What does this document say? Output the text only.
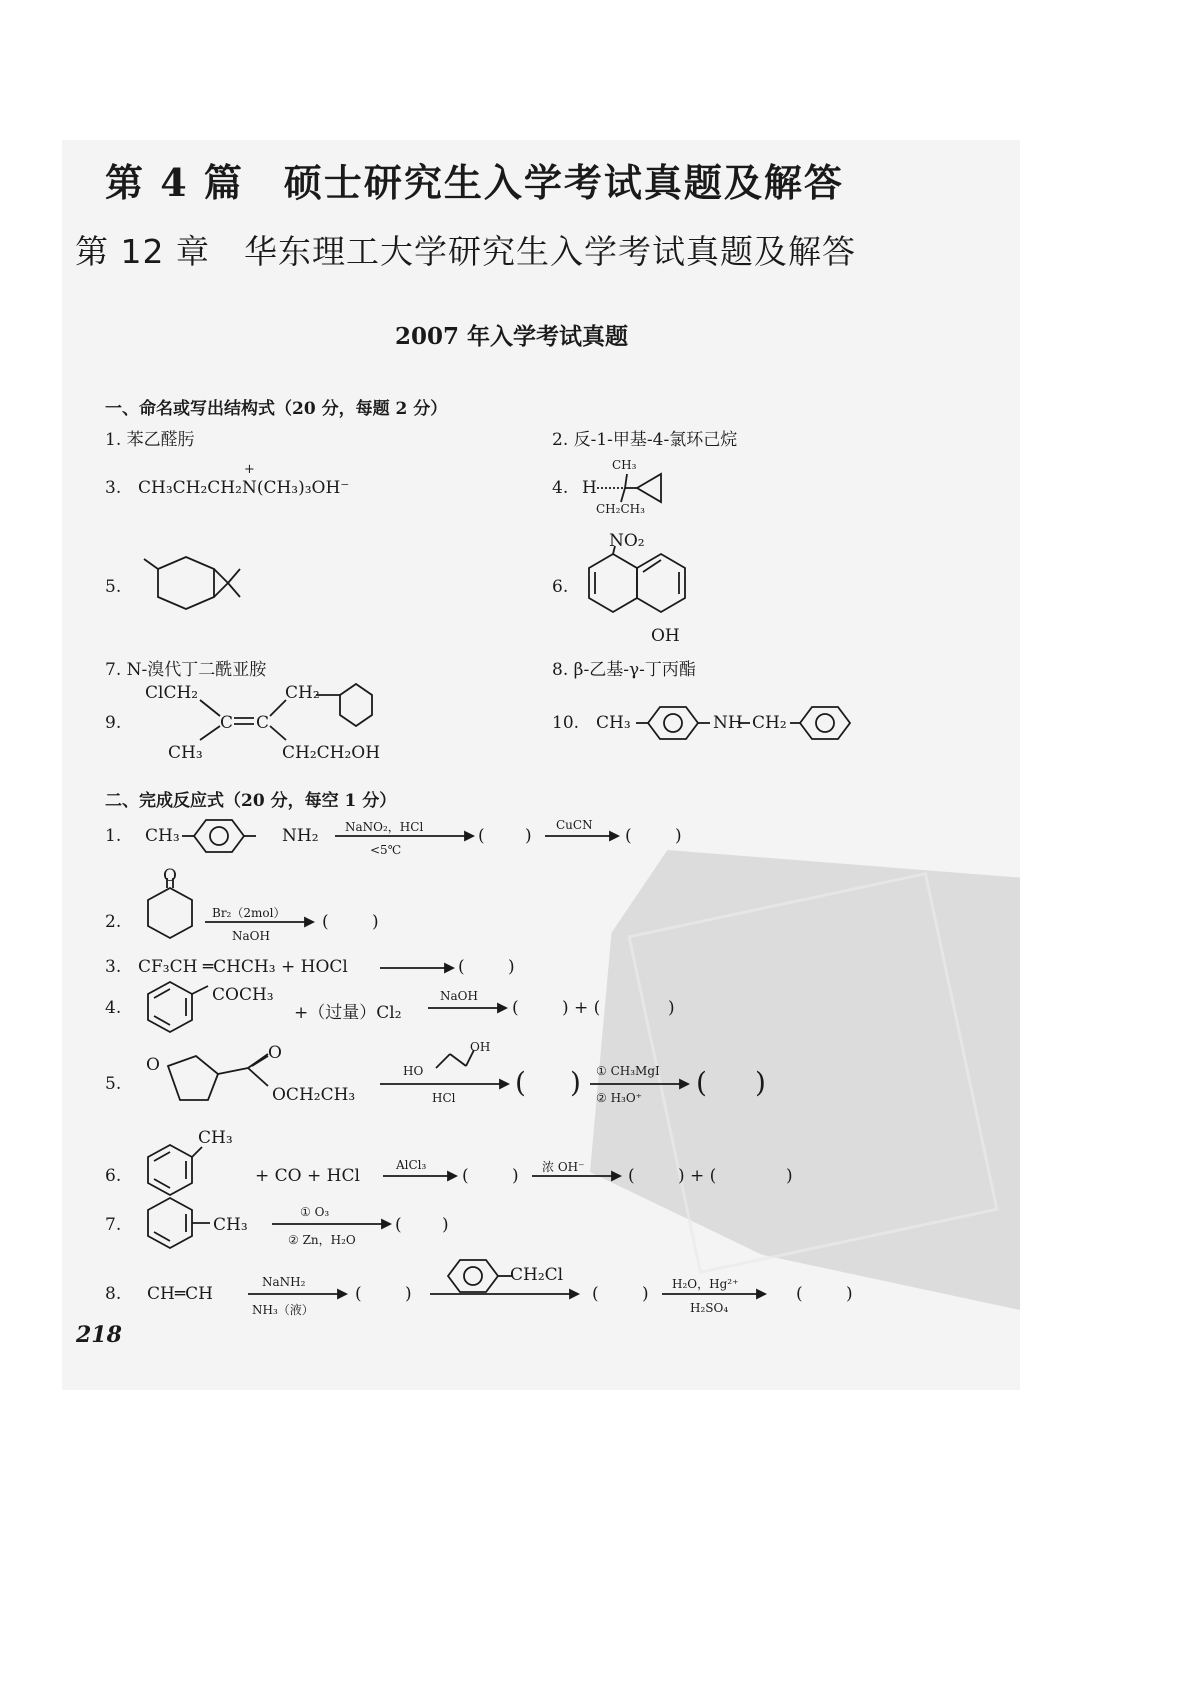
第 4 篇　硕士研究生入学考试真题及解答
第 12 章　华东理工大学研究生入学考试真题及解答
2007 年入学考试真题
一、命名或写出结构式（20 分，每题 2 分）
1. 苯乙醛肟	2. 反-1-甲基-4-氯环己烷
3. CH₃CH₂CH₂
+
N(CH₃)₃OH⁻	4.
CH₃
H
CH₂CH₃
5.	6.
NO₂
OH
7. N-溴代丁二酰亚胺	8. β-乙基-γ-丁丙酯
9.
ClCH₂	CH₂
C C
CH₃	CH₂CH₂OH
10. CH₃	NH CH₂
二、完成反应式（20 分，每空 1 分）
1. CH₃	NH₂ NaNO₂，HCl
<5℃
( )
CuCN
(	)
2.
O
Br₂（2mol）
NaOH
(	)
3. CF₃CH ═CHCH₃ + HOCl	(	)
4.
COCH₃
+（过量）Cl₂
NaOH
(	) + (	)
5.
O
O
OCH₂CH₃
HO
OH
HCl ( ) ① CH₃MgI
② H₃O⁺ ( )
6.
CH₃
+ CO + HCl
AlCl₃
(	) 浓 OH⁻	(	) + (	)
7.	CH₃
① O₃
② Zn，H₂O
( )
8. CH═CH
NaNH₂
NH₃（液）
(	)
CH₂Cl
(	) H₂O，Hg²⁺
H₂SO₄
(	)
218
